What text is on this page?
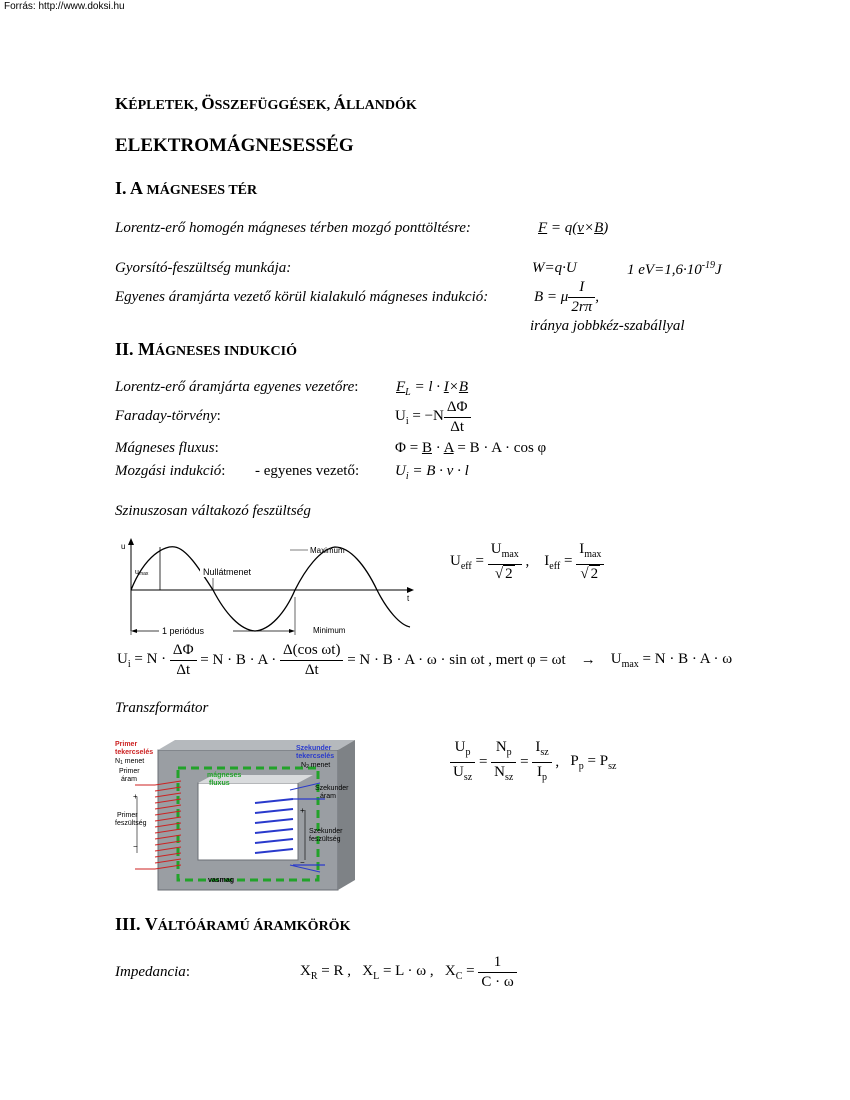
Forrás: http://www.doksi.hu
KÉPLETEK, ÖSSZEFÜGGÉSEK, ÁLLANDÓK
ELEKTROMÁGNESESSÉG
I. A MÁGNESES TÉR
Lorentz-erő homogén mágneses térben mozgó ponttöltésre:	F = q(v×B)
Gyorsító-feszültség munkája:	W=q·U	1 $eV=1,6\cdot 10^{-19}J$
Egyenes áramjárta vezető körül kialakuló mágneses indukció:	B = μ $\frac{I}{2r\pi}$ ,
iránya jobbkéz-szabállyal
II. MÁGNESES INDUKCIÓ
Lorentz-erő áramjárta egyenes vezetőre:	$F_L = l \cdot I\times B$
Faraday-törvény:	$U_i = -N \frac{\Delta\Phi}{\Delta t}$
Mágneses fluxus:	Φ = B · A = B · A · cos φ
Mozgási indukció: - egyenes vezető: $U_i = B \cdot v \cdot l$
Szinuszosan váltakozó feszültség
u
t
umax	Nullátmenet
Maximum
Minimum
1 periódus
$U_{eff} = \frac{U_{max}}{√ 2}$ , $I_{eff} = \frac{I_{max}}{√ 2}$
$U_i = N \cdot \frac{\Delta\Phi}{\Delta t} = N \cdot B \cdot A \cdot \frac{\text{Δ(cos ωt)}}{\Delta t} = N \cdot B \cdot A \cdot \omega \cdot \sin \omega t$ , mert $\varphi = \omega t \to U_{max} = N \cdot B \cdot A \cdot \omega$
Transzformátor
Primer
tekercselés
N1 menet
Primer
áram
+
Primer
feszültség
−
mágneses
fluxus
Szekunder
tekercselés
N2 menet
Szekunder
áram
+
Szekunder
feszültség
−
vasmag
$\frac{U_p}{U_{sz}} = \frac{N_p}{N_{sz}} = \frac{I_{sz}}{I_p}$ , $P_p = P_{sz}$
III. VÁLTÓÁRAMÚ ÁRAMKÖRÖK
Impedancia:	$X_R = R$ , $X_L = L \cdot \omega$ , $X_C = \frac{1}{C \cdot \omega}$
